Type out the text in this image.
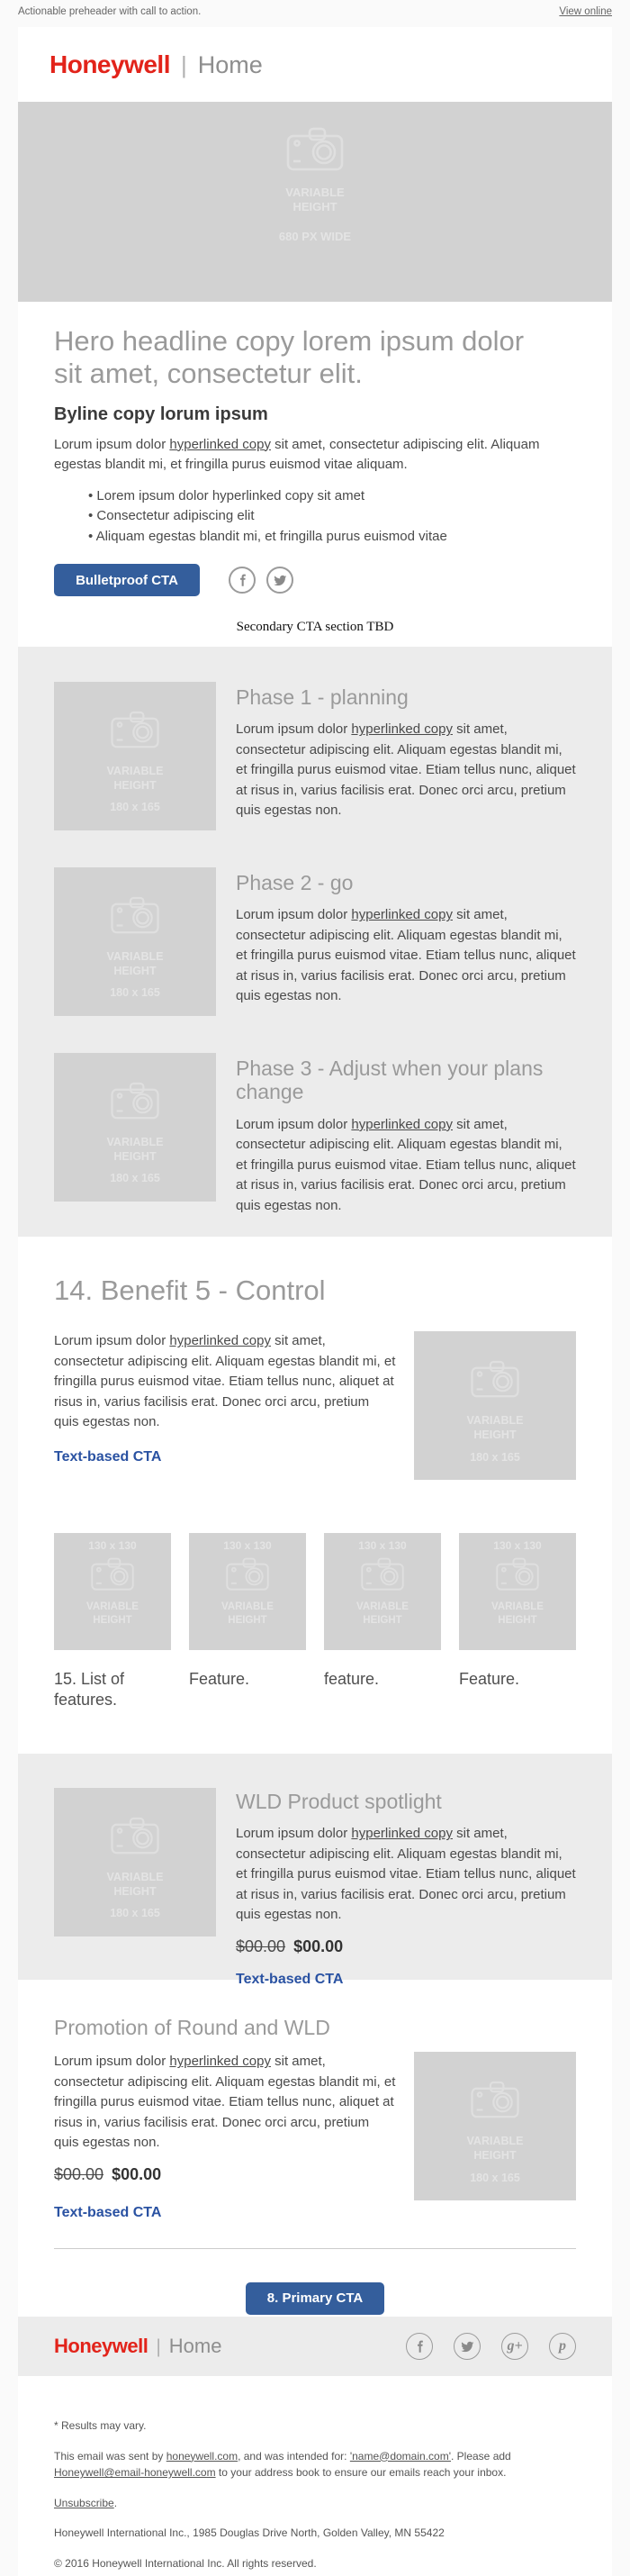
Actionable preheader with call to action.	View online
Honeywell | Home
VARIABLE HEIGHT
680 PX WIDE
Hero headline copy lorem ipsum dolor sit amet, consectetur elit.
Byline copy lorum ipsum

Lorum ipsum dolor hyperlinked copy sit amet, consectetur adipiscing elit. Aliquam egestas blandit mi, et fringilla purus euismod vitae aliquam.

• Lorem ipsum dolor hyperlinked copy sit amet
• Consectetur adipiscing elit
• Aliquam egestas blandit mi, et fringilla purus euismod vitae
Bulletproof CTA
Secondary CTA section TBD
VARIABLE HEIGHT
180 x 165
Phase 1 - planning

Lorum ipsum dolor hyperlinked copy sit amet, consectetur adipiscing elit. Aliquam egestas blandit mi, et fringilla purus euismod vitae. Etiam tellus nunc, aliquet at risus in, varius facilisis erat. Donec orci arcu, pretium quis egestas non.

VARIABLE HEIGHT
180 x 165
Phase 2 - go

Lorum ipsum dolor hyperlinked copy sit amet, consectetur adipiscing elit. Aliquam egestas blandit mi, et fringilla purus euismod vitae. Etiam tellus nunc, aliquet at risus in, varius facilisis erat. Donec orci arcu, pretium quis egestas non.

VARIABLE HEIGHT
180 x 165
Phase 3 - Adjust when your plans change

Lorum ipsum dolor hyperlinked copy sit amet, consectetur adipiscing elit. Aliquam egestas blandit mi, et fringilla purus euismod vitae. Etiam tellus nunc, aliquet at risus in, varius facilisis erat. Donec orci arcu, pretium quis egestas non.

14. Benefit 5 - Control

Lorum ipsum dolor hyperlinked copy sit amet, consectetur adipiscing elit. Aliquam egestas blandit mi, et fringilla purus euismod vitae. Etiam tellus nunc, aliquet at risus in, varius facilisis erat. Donec orci arcu, pretium quis egestas non.

Text-based CTA
VARIABLE HEIGHT
180 x 165
130 x 130
VARIABLE HEIGHT
130 x 130
VARIABLE HEIGHT
130 x 130
VARIABLE HEIGHT
130 x 130
VARIABLE HEIGHT
15. List of features.
Feature.	feature.	Feature.
VARIABLE HEIGHT
180 x 165
WLD Product spotlight

Lorum ipsum dolor hyperlinked copy sit amet, consectetur adipiscing elit. Aliquam egestas blandit mi, et fringilla purus euismod vitae. Etiam tellus nunc, aliquet at risus in, varius facilisis erat. Donec orci arcu, pretium quis egestas non.

$00.00 $00.00
Text-based CTA
Promotion of Round and WLD

Lorum ipsum dolor hyperlinked copy sit amet, consectetur adipiscing elit. Aliquam egestas blandit mi, et fringilla purus euismod vitae. Etiam tellus nunc, aliquet at risus in, varius facilisis erat. Donec orci arcu, pretium quis egestas non.

$00.00 $00.00
Text-based CTA
VARIABLE HEIGHT
180 x 165
8. Primary CTA
Honeywell | Home	g+	p

* Results may vary.

This email was sent by honeywell.com, and was intended for: 'name@domain.com'. Please add Honeywell@email-honeywell.com to your address book to ensure our emails reach your inbox.

Unsubscribe.

Honeywell International Inc., 1985 Douglas Drive North, Golden Valley, MN 55422

© 2016 Honeywell International Inc. All rights reserved.
